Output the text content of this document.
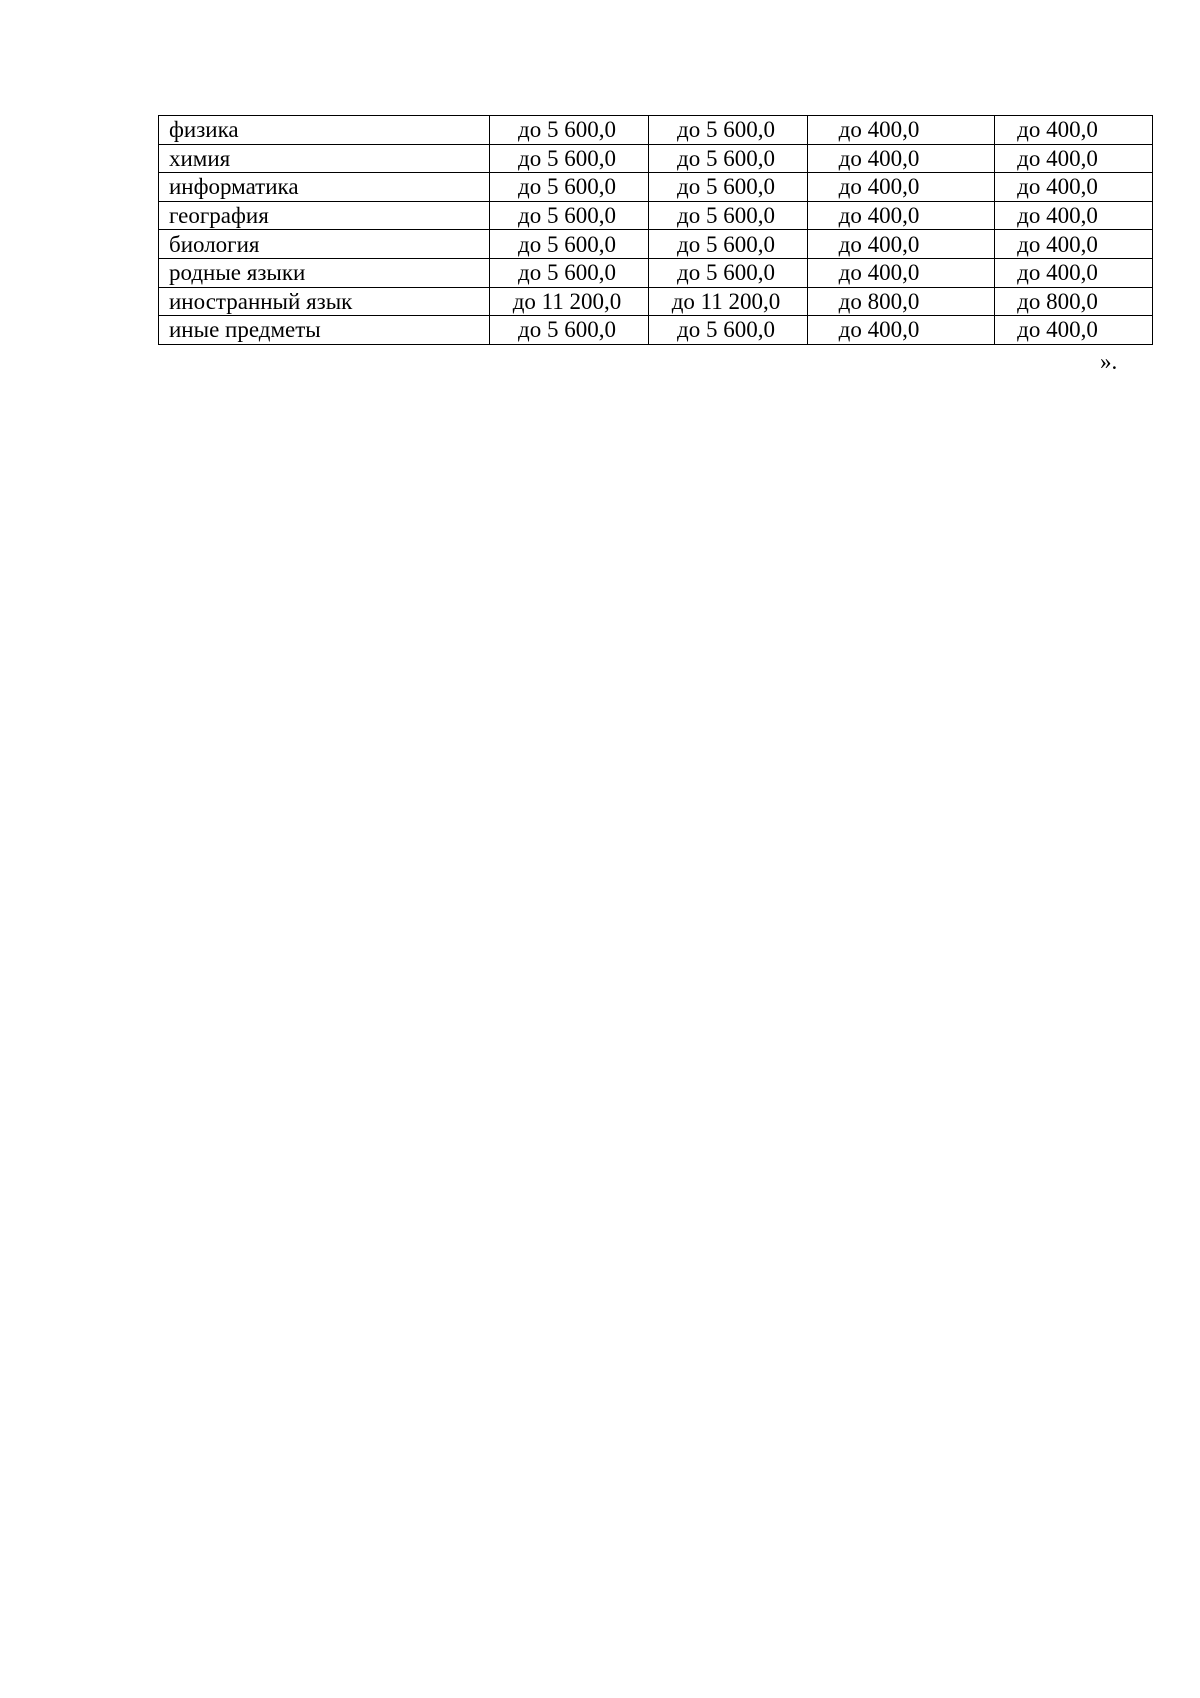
физика	до 5 600,0	до 5 600,0	до 400,0	до 400,0
химия	до 5 600,0	до 5 600,0	до 400,0	до 400,0
информатика	до 5 600,0	до 5 600,0	до 400,0	до 400,0
география	до 5 600,0	до 5 600,0	до 400,0	до 400,0
биология	до 5 600,0	до 5 600,0	до 400,0	до 400,0
родные языки	до 5 600,0	до 5 600,0	до 400,0	до 400,0
иностранный язык	до 11 200,0	до 11 200,0	до 800,0	до 800,0
иные предметы	до 5 600,0	до 5 600,0	до 400,0	до 400,0
».
